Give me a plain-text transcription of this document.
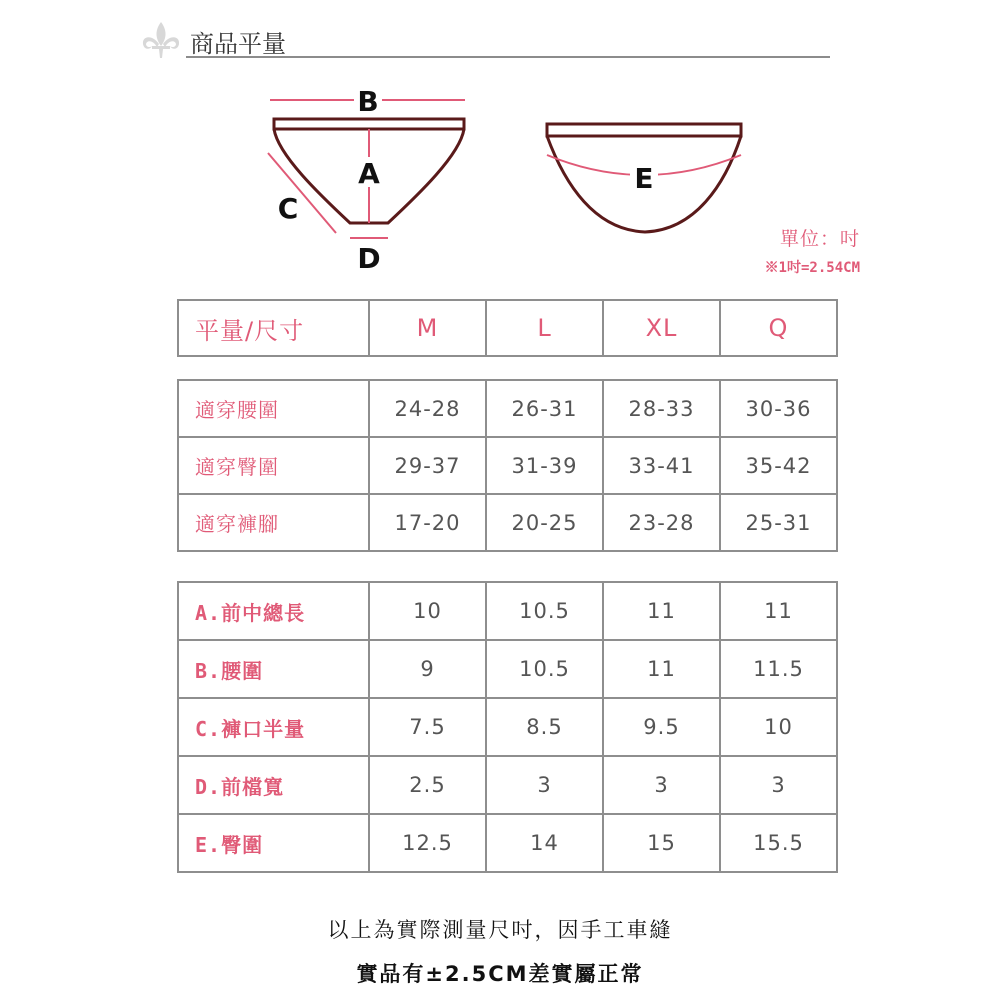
商品平量
B
A
C
D
E
單位：吋
※1吋=2.54CM
平量/尺寸	M	L	XL	Q
適穿腰圍	24-28	26-31	28-33	30-36
適穿臀圍	29-37	31-39	33-41	35-42
適穿褲腳	17-20	20-25	23-28	25-31
A.前中總長	10	10.5	11	11
B.腰圍	9	10.5	11	11.5
C.褲口半量	7.5	8.5	9.5	10
D.前檔寬	2.5	3	3	3
E.臀圍	12.5	14	15	15.5
以上為實際測量尺吋，因手工車縫
實品有±2.5CM差實屬正常
